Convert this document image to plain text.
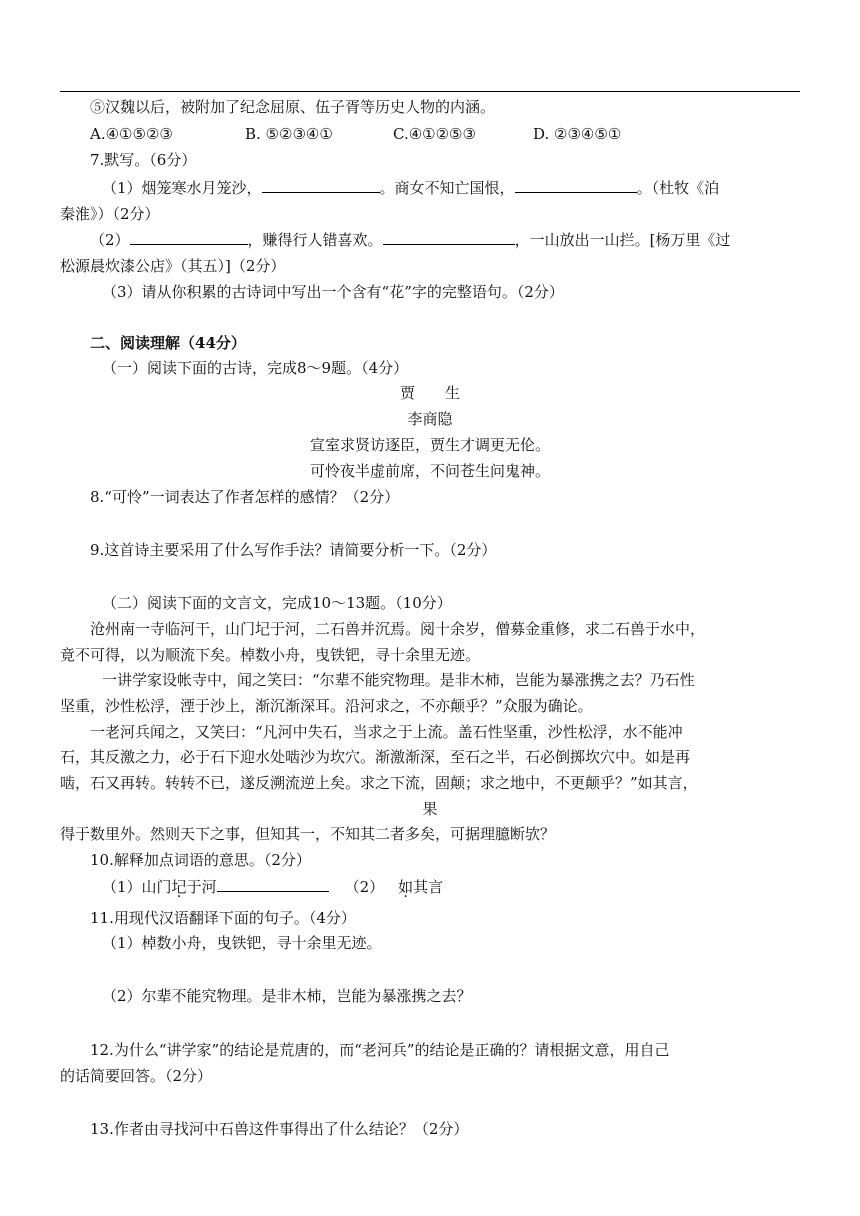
⑤汉魏以后，被附加了纪念屈原、伍子胥等历史人物的内涵。
A.④①⑤②③	B. ⑤②③④①	C.④①②⑤③	D. ②③④⑤①
7.默写。（6分）
（1）烟笼寒水月笼沙，	。商女不知亡国恨，	。（杜牧《泊
秦淮》）（2分）
（2）	，赚得行人错喜欢。	，一山放出一山拦。[杨万里《过
松源晨炊漆公店》（其五）]（2分）
（3）请从你积累的古诗词中写出一个含有“花”字的完整语句。（2分）
二、阅读理解（44分）
（一）阅读下面的古诗，完成8～9题。（4分）
贾　　生
李商隐
宣室求贤访逐臣，贾生才调更无伦。
可怜夜半虚前席，不问苍生问鬼神。
8.“可怜”一词表达了作者怎样的感情？（2分）
9.这首诗主要采用了什么写作手法？请简要分析一下。（2分）
（二）阅读下面的文言文，完成10～13题。（10分）
沧州南一寺临河干，山门圮于河，二石兽并沉焉。阅十余岁，僧募金重修，求二石兽于水中，
竟不可得，以为顺流下矣。棹数小舟，曳铁钯，寻十余里无迹。
一讲学家设帐寺中，闻之笑曰：“尔辈不能究物理。是非木柿，岂能为暴涨携之去？乃石性
坚重，沙性松浮，湮于沙上，渐沉渐深耳。沿河求之，不亦颠乎？”众服为确论。
一老河兵闻之，又笑曰：“凡河中失石，当求之于上流。盖石性坚重，沙性松浮，水不能冲
石，其反激之力，必于石下迎水处啮沙为坎穴。渐激渐深，至石之半，石必倒掷坎穴中。如是再
啮，石又再转。转转不已，遂反溯流逆上矣。求之下流，固颠；求之地中，不更颠乎？”如其言，
果
得于数里外。然则天下之事，但知其一，不知其二者多矣，可据理臆断欤？
10.解释加点词语的意思。（2分）
（1）山门圮于河	（2） 如其言
11.用现代汉语翻译下面的句子。（4分）
（1）棹数小舟，曳铁钯，寻十余里无迹。
（2）尔辈不能究物理。是非木柿，岂能为暴涨携之去？
12.为什么“讲学家”的结论是荒唐的，而“老河兵”的结论是正确的？请根据文意，用自己
的话简要回答。（2分）
13.作者由寻找河中石兽这件事得出了什么结论？（2分）
